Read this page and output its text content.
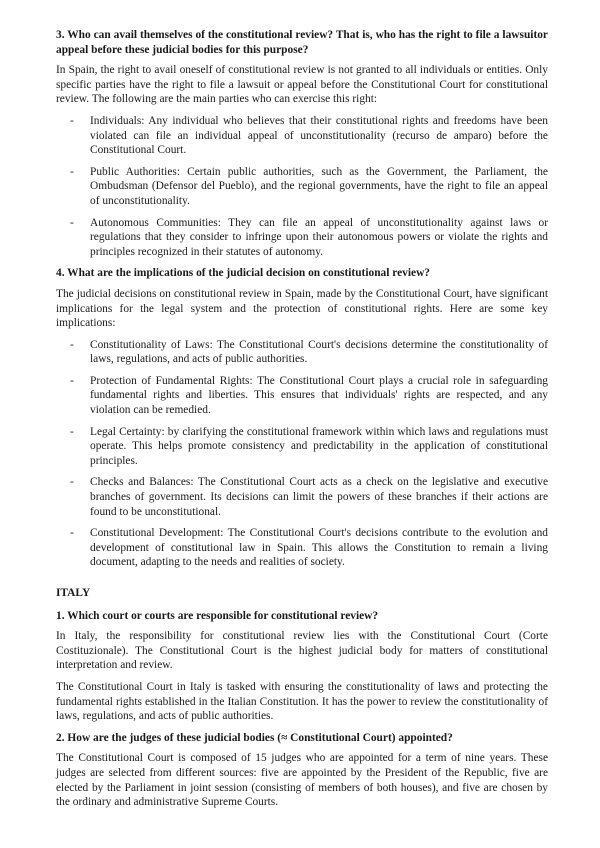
3. Who can avail themselves of the constitutional review? That is, who has the right to file a lawsuitor appeal before these judicial bodies for this purpose?

In Spain, the right to avail oneself of constitutional review is not granted to all individuals or entities. Only specific parties have the right to file a lawsuit or appeal before the Constitutional Court for constitutional review. The following are the main parties who can exercise this right:

- Individuals: Any individual who believes that their constitutional rights and freedoms have been violated can file an individual appeal of unconstitutionality (recurso de amparo) before the Constitutional Court.
- Public Authorities: Certain public authorities, such as the Government, the Parliament, the Ombudsman (Defensor del Pueblo), and the regional governments, have the right to file an appeal of unconstitutionality.
- Autonomous Communities: They can file an appeal of unconstitutionality against laws or regulations that they consider to infringe upon their autonomous powers or violate the rights and principles recognized in their statutes of autonomy.
4. What are the implications of the judicial decision on constitutional review?

The judicial decisions on constitutional review in Spain, made by the Constitutional Court, have significant implications for the legal system and the protection of constitutional rights. Here are some key implications:

- Constitutionality of Laws: The Constitutional Court's decisions determine the constitutionality of laws, regulations, and acts of public authorities.
- Protection of Fundamental Rights: The Constitutional Court plays a crucial role in safeguarding fundamental rights and liberties. This ensures that individuals' rights are respected, and any violation can be remedied.
- Legal Certainty: by clarifying the constitutional framework within which laws and regulations must operate. This helps promote consistency and predictability in the application of constitutional principles.
- Checks and Balances: The Constitutional Court acts as a check on the legislative and executive branches of government. Its decisions can limit the powers of these branches if their actions are found to be unconstitutional.
- Constitutional Development: The Constitutional Court's decisions contribute to the evolution and development of constitutional law in Spain. This allows the Constitution to remain a living document, adapting to the needs and realities of society.
ITALY
1. Which court or courts are responsible for constitutional review?

In Italy, the responsibility for constitutional review lies with the Constitutional Court (Corte Costituzionale). The Constitutional Court is the highest judicial body for matters of constitutional interpretation and review.

The Constitutional Court in Italy is tasked with ensuring the constitutionality of laws and protecting the fundamental rights established in the Italian Constitution. It has the power to review the constitutionality of laws, regulations, and acts of public authorities.

2. How are the judges of these judicial bodies (≈ Constitutional Court) appointed?

The Constitutional Court is composed of 15 judges who are appointed for a term of nine years. These judges are selected from different sources: five are appointed by the President of the Republic, five are elected by the Parliament in joint session (consisting of members of both houses), and five are chosen by the ordinary and administrative Supreme Courts.
